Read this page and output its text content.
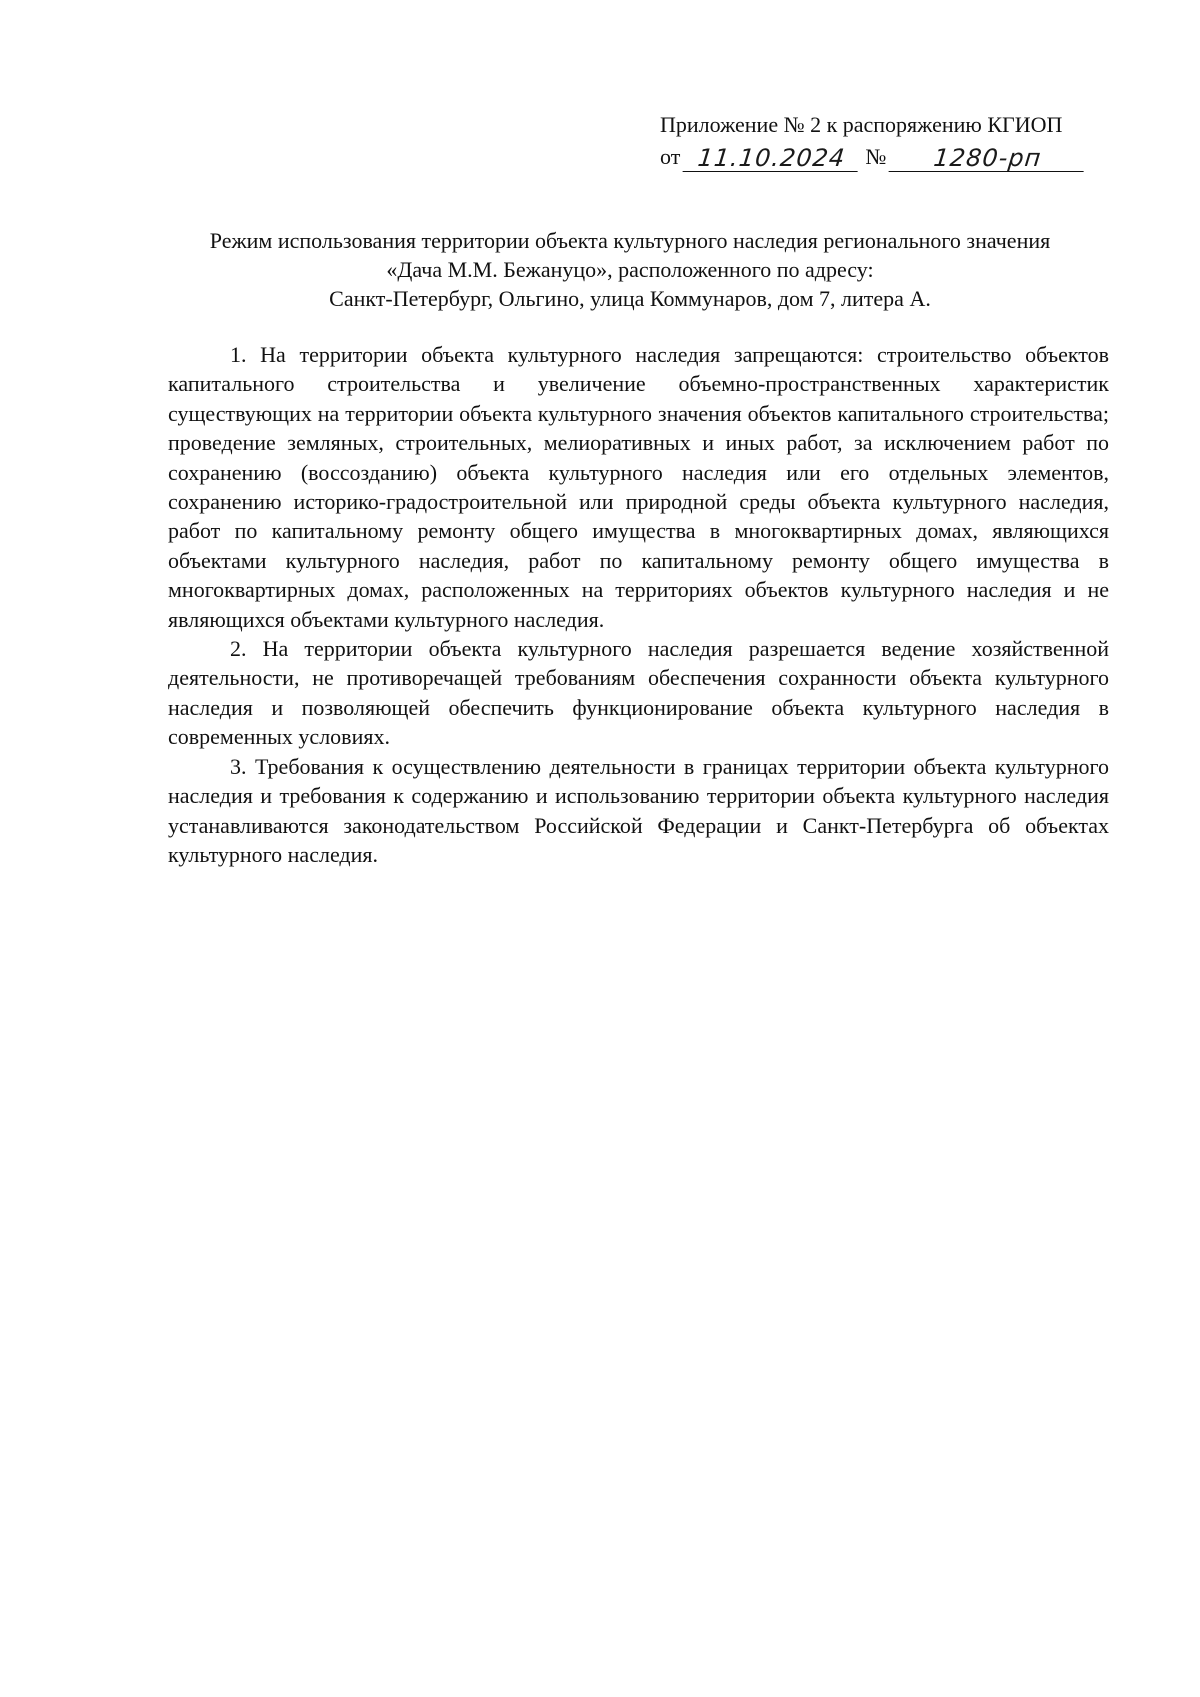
Приложение № 2 к распоряжению КГИОП
от 11.10.2024 №	1280-рп
Режим использования территории объекта культурного наследия регионального значения
«Дача М.М. Бежануцо», расположенного по адресу:
Санкт-Петербург, Ольгино, улица Коммунаров, дом 7, литера А.

1. На территории объекта культурного наследия запрещаются: строительство объектов капитального строительства и увеличение объемно-пространственных характеристик существующих на территории объекта культурного значения объектов капитального строительства; проведение земляных, строительных, мелиоративных и иных работ, за исключением работ по сохранению (воссозданию) объекта культурного наследия или его отдельных элементов, сохранению историко-градостроительной или природной среды объекта культурного наследия, работ по капитальному ремонту общего имущества в многоквартирных домах, являющихся объектами культурного наследия, работ по капитальному ремонту общего имущества в многоквартирных домах, расположенных на территориях объектов культурного наследия и не являющихся объектами культурного наследия.

2. На территории объекта культурного наследия разрешается ведение хозяйственной деятельности, не противоречащей требованиям обеспечения сохранности объекта культурного наследия и позволяющей обеспечить функционирование объекта культурного наследия в современных условиях.

3. Требования к осуществлению деятельности в границах территории объекта культурного наследия и требования к содержанию и использованию территории объекта культурного наследия устанавливаются законодательством Российской Федерации и Санкт-Петербурга об объектах культурного наследия.
